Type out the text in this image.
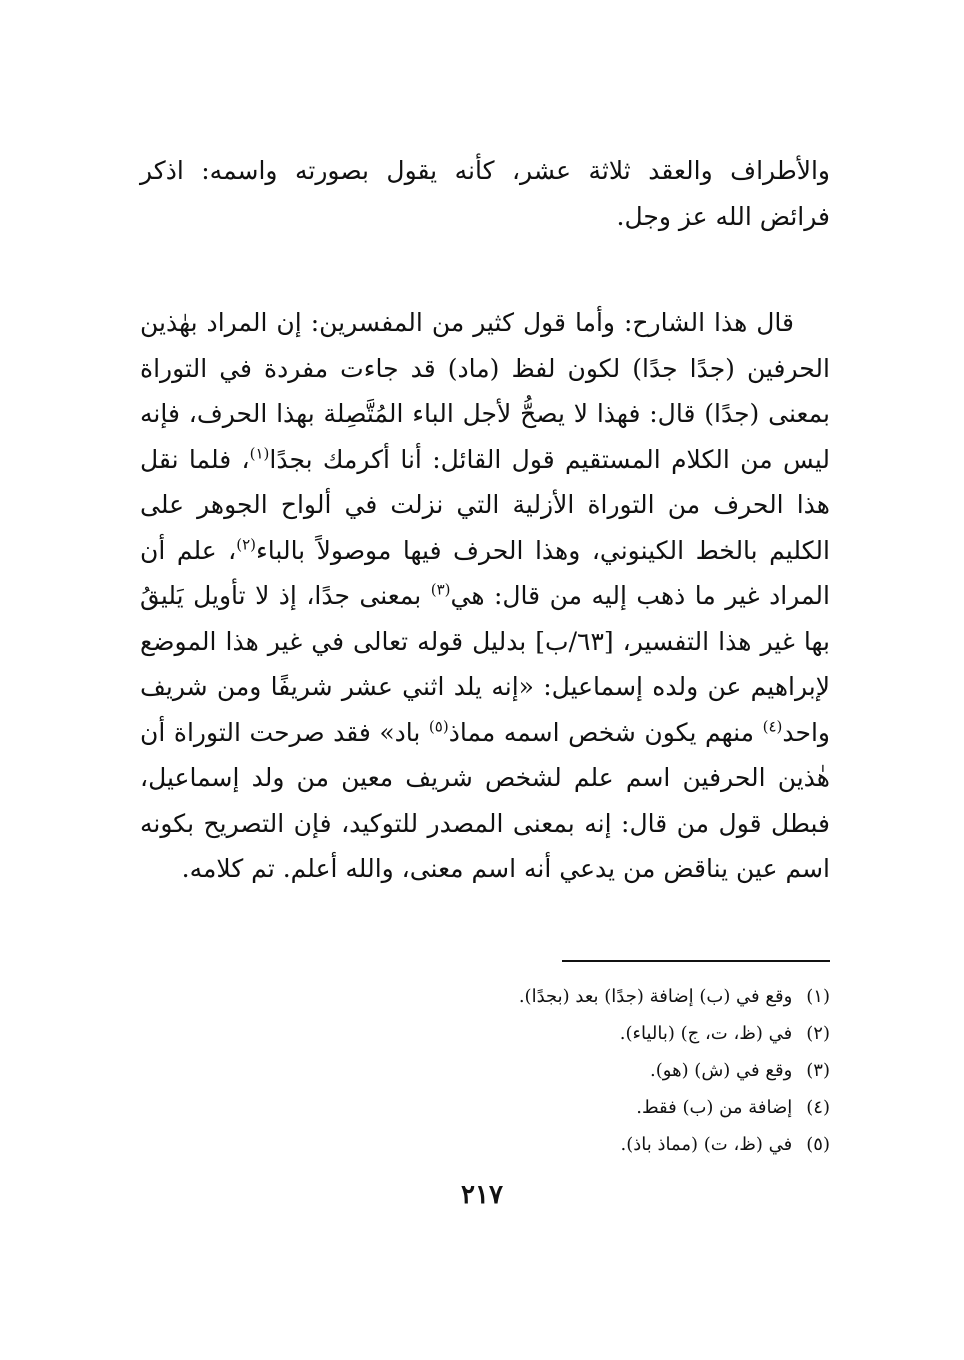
والأطراف والعقد ثلاثة عشر، كأنه يقول بصورته واسمه: اذكر فرائض الله عز وجل.

قال هذا الشارح: وأما قول كثير من المفسرين: إن المراد بهٰذين الحرفين (جدًا جدًا) لكون لفظ (ماد) قد جاءت مفردة في التوراة بمعنى (جدًا) قال: فهذا لا يصحُّ لأجل الباء المُتَّصِلة بهذا الحرف، فإنه ليس من الكلام المستقيم قول القائل: أنا أكرمك بجدًا$^{(١)}$، فلما نقل هذا الحرف من التوراة الأزلية التي نزلت في ألواح الجوهر على الكليم بالخط الكينوني، وهذا الحرف فيها موصولاً بالباء$^{(٢)}$، علم أن المراد غير ما ذهب إليه من قال: هي$^{(٣)}$ بمعنى جدًا، إذ لا تأويل يَليقُ بها غير هذا التفسير، [٦٣/ب] بدليل قوله تعالى في غير هذا الموضع لإبراهيم عن ولده إسماعيل: «إنه يلد اثني عشر شريفًا ومن شريف واحد$^{(٤)}$ منهم يكون شخص اسمه مماذ$^{(٥)}$ باد» فقد صرحت التوراة أن هٰذين الحرفين اسم علم لشخص شريف معين من ولد إسماعيل، فبطل قول من قال: إنه بمعنى المصدر للتوكيد، فإن التصريح بكونه اسم عين يناقض من يدعي أنه اسم معنى، والله أعلم. تم كلامه.

(١)وقع في (ب) إضافة (جدًا) بعد (بجدًا).
(٢)في (ظ، ت، ج) (بالياء).
(٣)وقع في (ش) (هو).
(٤)إضافة من (ب) فقط.
(٥)في (ظ، ت) (مماذ باذ).
٢١٧
